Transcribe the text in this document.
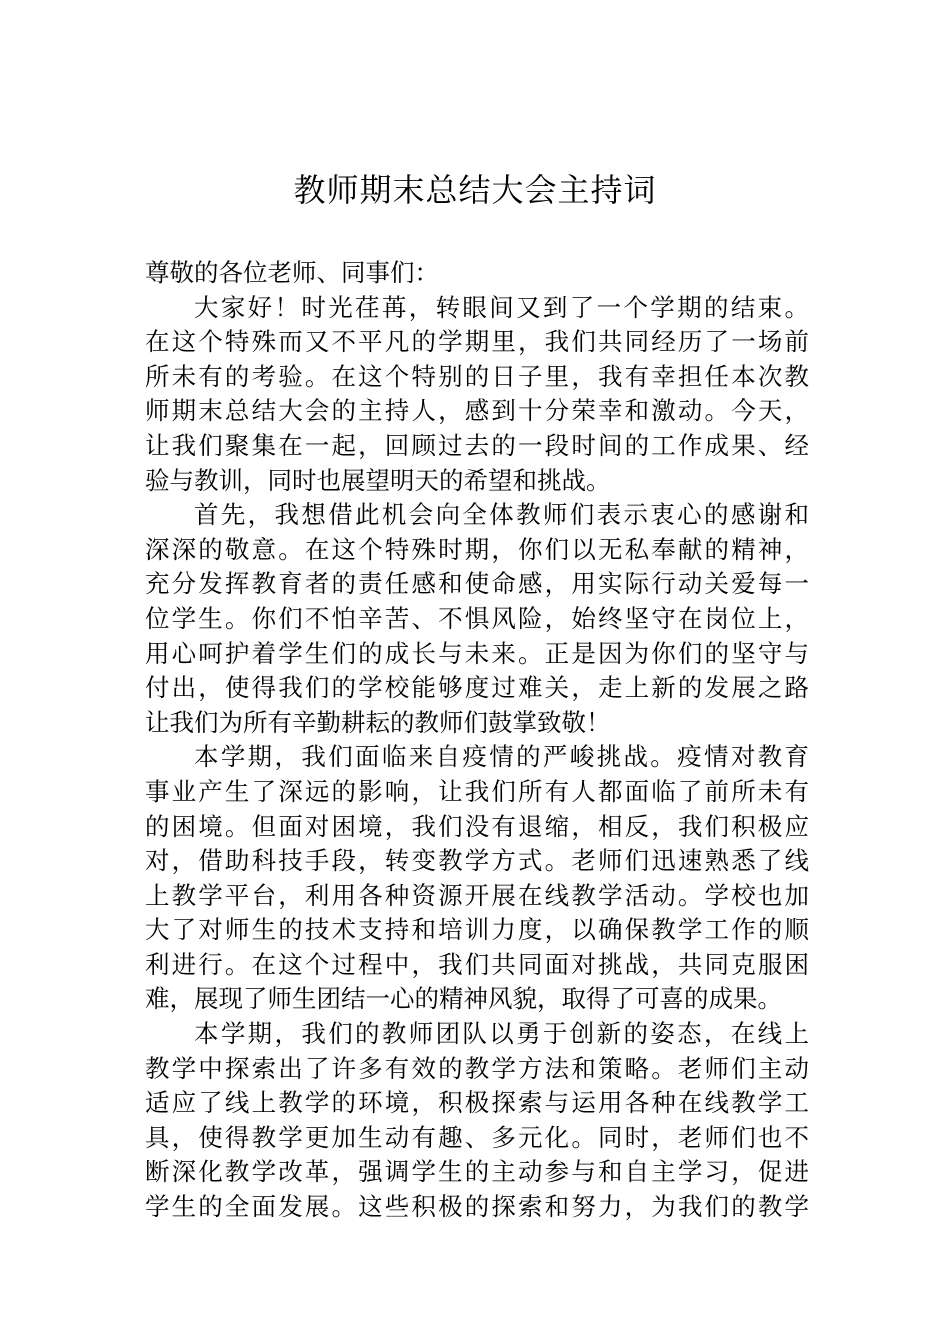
教师期末总结大会主持词
尊敬的各位老师、同事们：
大家好！时光荏苒，转眼间又到了一个学期的结束。
在这个特殊而又不平凡的学期里，我们共同经历了一场前
所未有的考验。在这个特别的日子里，我有幸担任本次教
师期末总结大会的主持人，感到十分荣幸和激动。今天，
让我们聚集在一起，回顾过去的一段时间的工作成果、经
验与教训，同时也展望明天的希望和挑战。
首先，我想借此机会向全体教师们表示衷心的感谢和
深深的敬意。在这个特殊时期，你们以无私奉献的精神，
充分发挥教育者的责任感和使命感，用实际行动关爱每一
位学生。你们不怕辛苦、不惧风险，始终坚守在岗位上，
用心呵护着学生们的成长与未来。正是因为你们的坚守与
付出，使得我们的学校能够度过难关，走上新的发展之路
让我们为所有辛勤耕耘的教师们鼓掌致敬！
本学期，我们面临来自疫情的严峻挑战。疫情对教育
事业产生了深远的影响，让我们所有人都面临了前所未有
的困境。但面对困境，我们没有退缩，相反，我们积极应
对，借助科技手段，转变教学方式。老师们迅速熟悉了线
上教学平台，利用各种资源开展在线教学活动。学校也加
大了对师生的技术支持和培训力度，以确保教学工作的顺
利进行。在这个过程中，我们共同面对挑战，共同克服困
难，展现了师生团结一心的精神风貌，取得了可喜的成果。
本学期，我们的教师团队以勇于创新的姿态，在线上
教学中探索出了许多有效的教学方法和策略。老师们主动
适应了线上教学的环境，积极探索与运用各种在线教学工
具，使得教学更加生动有趣、多元化。同时，老师们也不
断深化教学改革，强调学生的主动参与和自主学习，促进
学生的全面发展。这些积极的探索和努力，为我们的教学
